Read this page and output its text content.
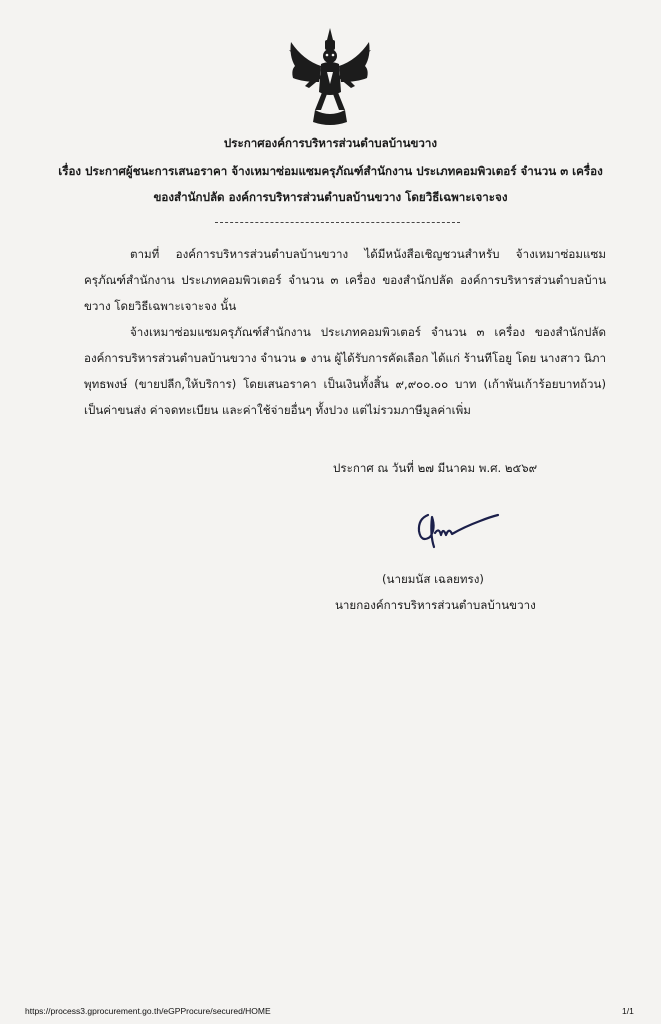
ประกาศองค์การบริหารส่วนตำบลบ้านขวาง
เรื่อง ประกาศผู้ชนะการเสนอราคา จ้างเหมาซ่อมแซมครุภัณฑ์สำนักงาน ประเภทคอมพิวเตอร์ จำนวน ๓ เครื่อง
ของสำนักปลัด องค์การบริหารส่วนตำบลบ้านขวาง โดยวิธีเฉพาะเจาะจง
ตามที่ องค์การบริหารส่วนตำบลบ้านขวาง ได้มีหนังสือเชิญชวนสำหรับ จ้างเหมาซ่อมแซมครุภัณฑ์สำนักงาน ประเภทคอมพิวเตอร์ จำนวน ๓ เครื่อง ของสำนักปลัด องค์การบริหารส่วนตำบลบ้านขวาง โดยวิธีเฉพาะเจาะจง นั้น
จ้างเหมาซ่อมแซมครุภัณฑ์สำนักงาน ประเภทคอมพิวเตอร์ จำนวน ๓ เครื่อง ของสำนักปลัด องค์การบริหารส่วนตำบลบ้านขวาง จำนวน ๑ งาน ผู้ได้รับการคัดเลือก ได้แก่ ร้านทีโอยู โดย นางสาว นิภา พุทธพงษ์ (ขายปลีก,ให้บริการ) โดยเสนอราคา เป็นเงินทั้งสิ้น ๙,๙๐๐.๐๐ บาท (เก้าพันเก้าร้อยบาทถ้วน) เป็นค่าขนส่ง ค่าจดทะเบียน และค่าใช้จ่ายอื่นๆ ทั้งปวง แต่ไม่รวมภาษีมูลค่าเพิ่ม
ประกาศ ณ วันที่ ๒๗ มีนาคม พ.ศ. ๒๕๖๙
(นายมนัส เฉลยทรง)
นายกองค์การบริหารส่วนตำบลบ้านขวาง
https://process3.gprocurement.go.th/eGPProcure/secured/HOME	1/1
